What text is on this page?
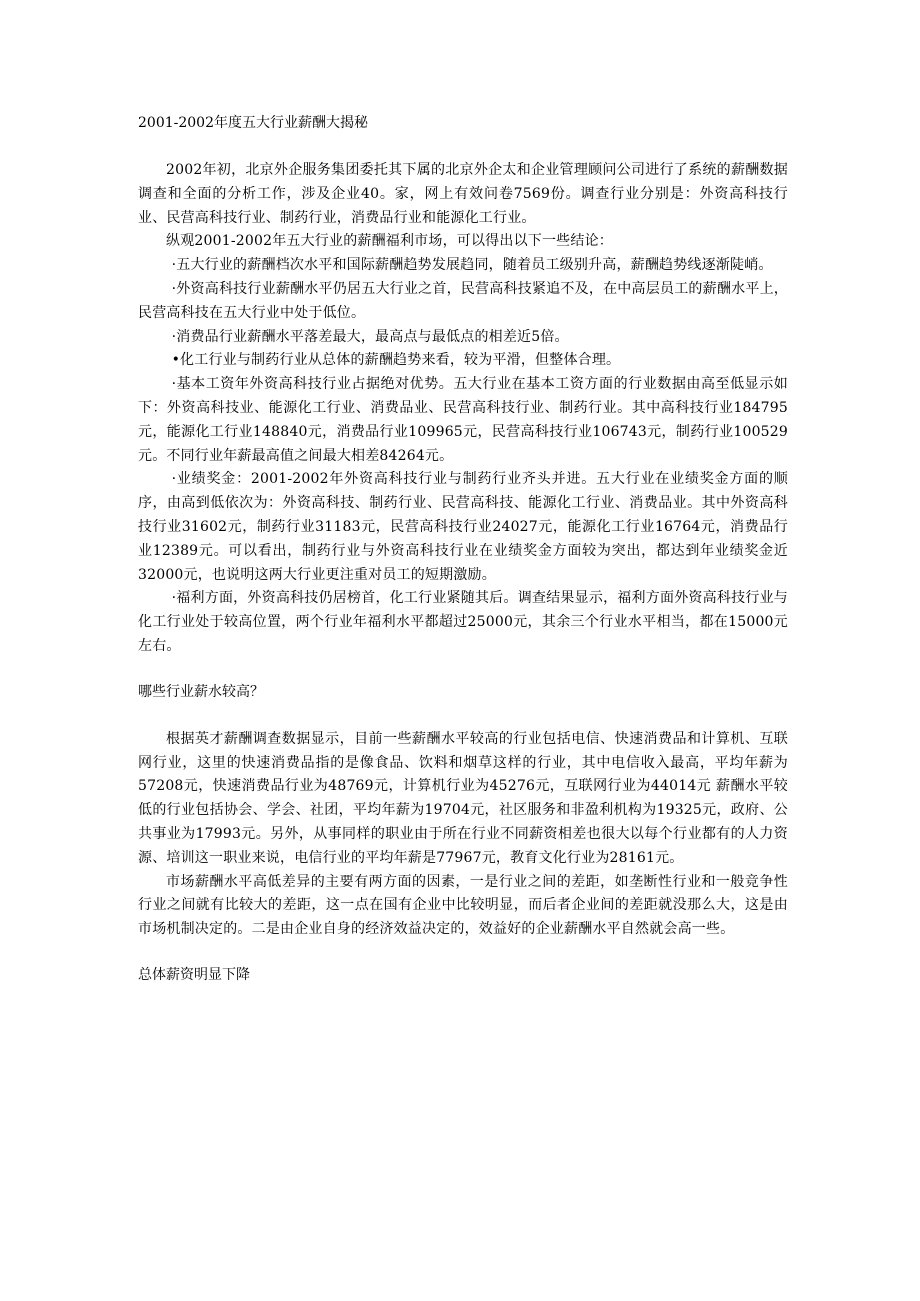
2001-2002年度五大行业薪酬大揭秘

2002年初，北京外企服务集团委托其下属的北京外企太和企业管理顾问公司进行了系统的薪酬数据调查和全面的分析工作，涉及企业40。家，网上有效问卷7569份。调查行业分别是：外资高科技行业、民营高科技行业、制药行业，消费品行业和能源化工行业。

纵观2001-2002年五大行业的薪酬福利市场，可以得出以下一些结论：

·五大行业的薪酬档次水平和国际薪酬趋势发展趋同，随着员工级别升高，薪酬趋势线逐渐陡峭。

·外资高科技行业薪酬水平仍居五大行业之首，民营高科技紧追不及，在中高层员工的薪酬水平上，民营高科技在五大行业中处于低位。

·消费品行业薪酬水平落差最大，最高点与最低点的相差近5倍。

•化工行业与制药行业从总体的薪酬趋势来看，较为平滑，但整体合理。

·基本工资年外资高科技行业占据绝对优势。五大行业在基本工资方面的行业数据由高至低显示如下：外资高科技业、能源化工行业、消费品业、民营高科技行业、制药行业。其中高科技行业184795元，能源化工行业148840元，消费品行业109965元，民营高科技行业106743元，制药行业100529元。不同行业年薪最高值之间最大相差84264元。

·业绩奖金：2001-2002年外资高科技行业与制药行业齐头并进。五大行业在业绩奖金方面的顺序，由高到低依次为：外资高科技、制药行业、民营高科技、能源化工行业、消费品业。其中外资高科技行业31602元，制药行业31183元，民营高科技行业24027元，能源化工行业16764元，消费品行业12389元。可以看出，制药行业与外资高科技行业在业绩奖金方面较为突出，都达到年业绩奖金近32000元，也说明这两大行业更注重对员工的短期激励。

·福利方面，外资高科技仍居榜首，化工行业紧随其后。调查结果显示，福利方面外资高科技行业与化工行业处于较高位置，两个行业年福利水平都超过25000元，其余三个行业水平相当，都在15000元左右。

哪些行业薪水较高？

根据英才薪酬调查数据显示，目前一些薪酬水平较高的行业包括电信、快速消费品和计算机、互联网行业，这里的快速消费品指的是像食品、饮料和烟草这样的行业，其中电信收入最高，平均年薪为57208元，快速消费品行业为48769元，计算机行业为45276元，互联网行业为44014元 薪酬水平较低的行业包括协会、学会、社团，平均年薪为19704元，社区服务和非盈利机构为19325元，政府、公共事业为17993元。另外，从事同样的职业由于所在行业不同薪资相差也很大以每个行业都有的人力资源、培训这一职业来说，电信行业的平均年薪是77967元，教育文化行业为28161元。

市场薪酬水平高低差异的主要有两方面的因素，一是行业之间的差距，如垄断性行业和一般竞争性行业之间就有比较大的差距，这一点在国有企业中比较明显，而后者企业间的差距就没那么大，这是由市场机制决定的。二是由企业自身的经济效益决定的，效益好的企业薪酬水平自然就会高一些。

总体薪资明显下降
